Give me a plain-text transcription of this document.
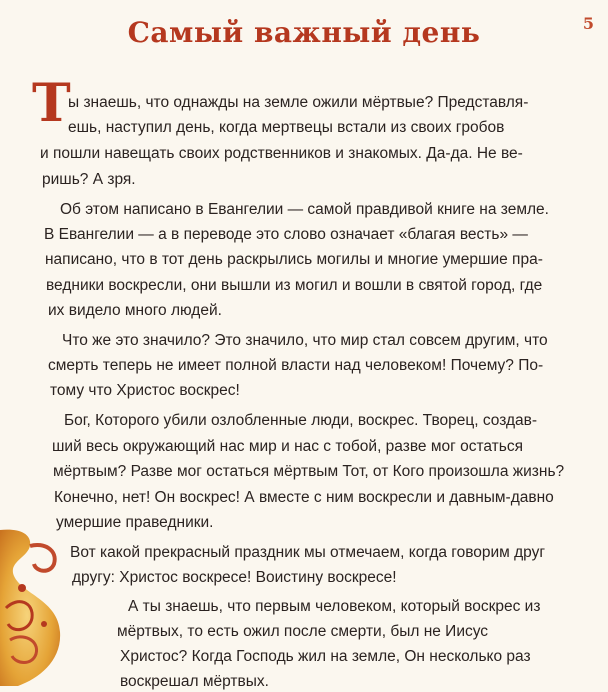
Самый важный день	5
Т
ы знаешь, что однажды на земле ожили мёртвые? Представля-
ешь, наступил день, когда мертвецы встали из своих гробов
и пошли навещать своих родственников и знакомых. Да-да. Не ве-
ришь? А зря.
Об этом написано в Евангелии — самой правдивой книге на земле.
В Евангелии — а в переводе это слово означает «благая весть» —
написано, что в тот день раскрылись могилы и многие умершие пра-
ведники воскресли, они вышли из могил и вошли в святой город, где
их видело много людей.
Что же это значило? Это значило, что мир стал совсем другим, что
смерть теперь не имеет полной власти над человеком! Почему? По-
тому что Христос воскрес!
Бог, Которого убили озлобленные люди, воскрес. Творец, создав-
ший весь окружающий нас мир и нас с тобой, разве мог остаться
мёртвым? Разве мог остаться мёртвым Тот, от Кого произошла жизнь?
Конечно, нет! Он воскрес! А вместе с ним воскресли и давным-давно
умершие праведники.
Вот какой прекрасный праздник мы отмечаем, когда говорим друг
другу: Христос воскресе! Воистину воскресе!
А ты знаешь, что первым человеком, который воскрес из
мёртвых, то есть ожил после смерти, был не Иисус
Христос? Когда Господь жил на земле, Он несколько раз
воскрешал мёртвых.
